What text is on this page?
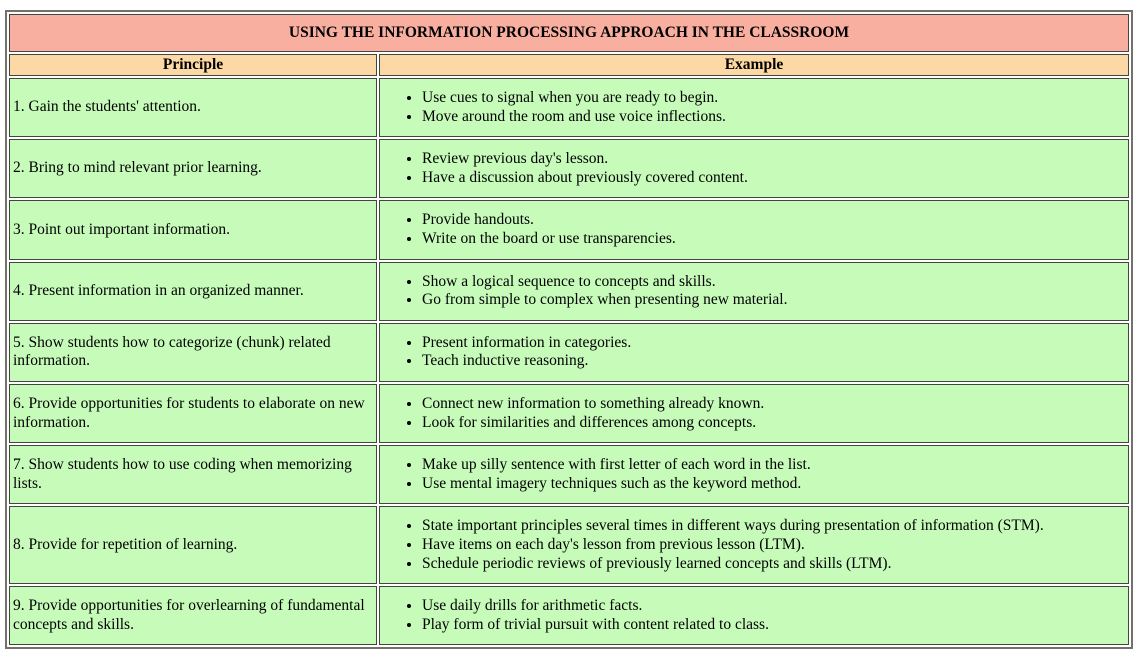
USING THE INFORMATION PROCESSING APPROACH IN THE CLASSROOM	
Principle	Example
1. Gain the students' attention.	
• Use cues to signal when you are ready to begin.
• Move around the room and use voice inflections.

2. Bring to mind relevant prior learning.	
• Review previous day's lesson.
• Have a discussion about previously covered content.

3. Point out important information.	
• Provide handouts.
• Write on the board or use transparencies.

4. Present information in an organized manner.	
• Show a logical sequence to concepts and skills.
• Go from simple to complex when presenting new material.

5. Show students how to categorize (chunk) related information.	
• Present information in categories.
• Teach inductive reasoning.

6. Provide opportunities for students to elaborate on new information.	
• Connect new information to something already known.
• Look for similarities and differences among concepts.

7. Show students how to use coding when memorizing lists.	
• Make up silly sentence with first letter of each word in the list.
• Use mental imagery techniques such as the keyword method.

8. Provide for repetition of learning.	
• State important principles several times in different ways during presentation of information (STM).
• Have items on each day's lesson from previous lesson (LTM).
• Schedule periodic reviews of previously learned concepts and skills (LTM).

9. Provide opportunities for overlearning of fundamental concepts and skills.	
• Use daily drills for arithmetic facts.
• Play form of trivial pursuit with content related to class.
